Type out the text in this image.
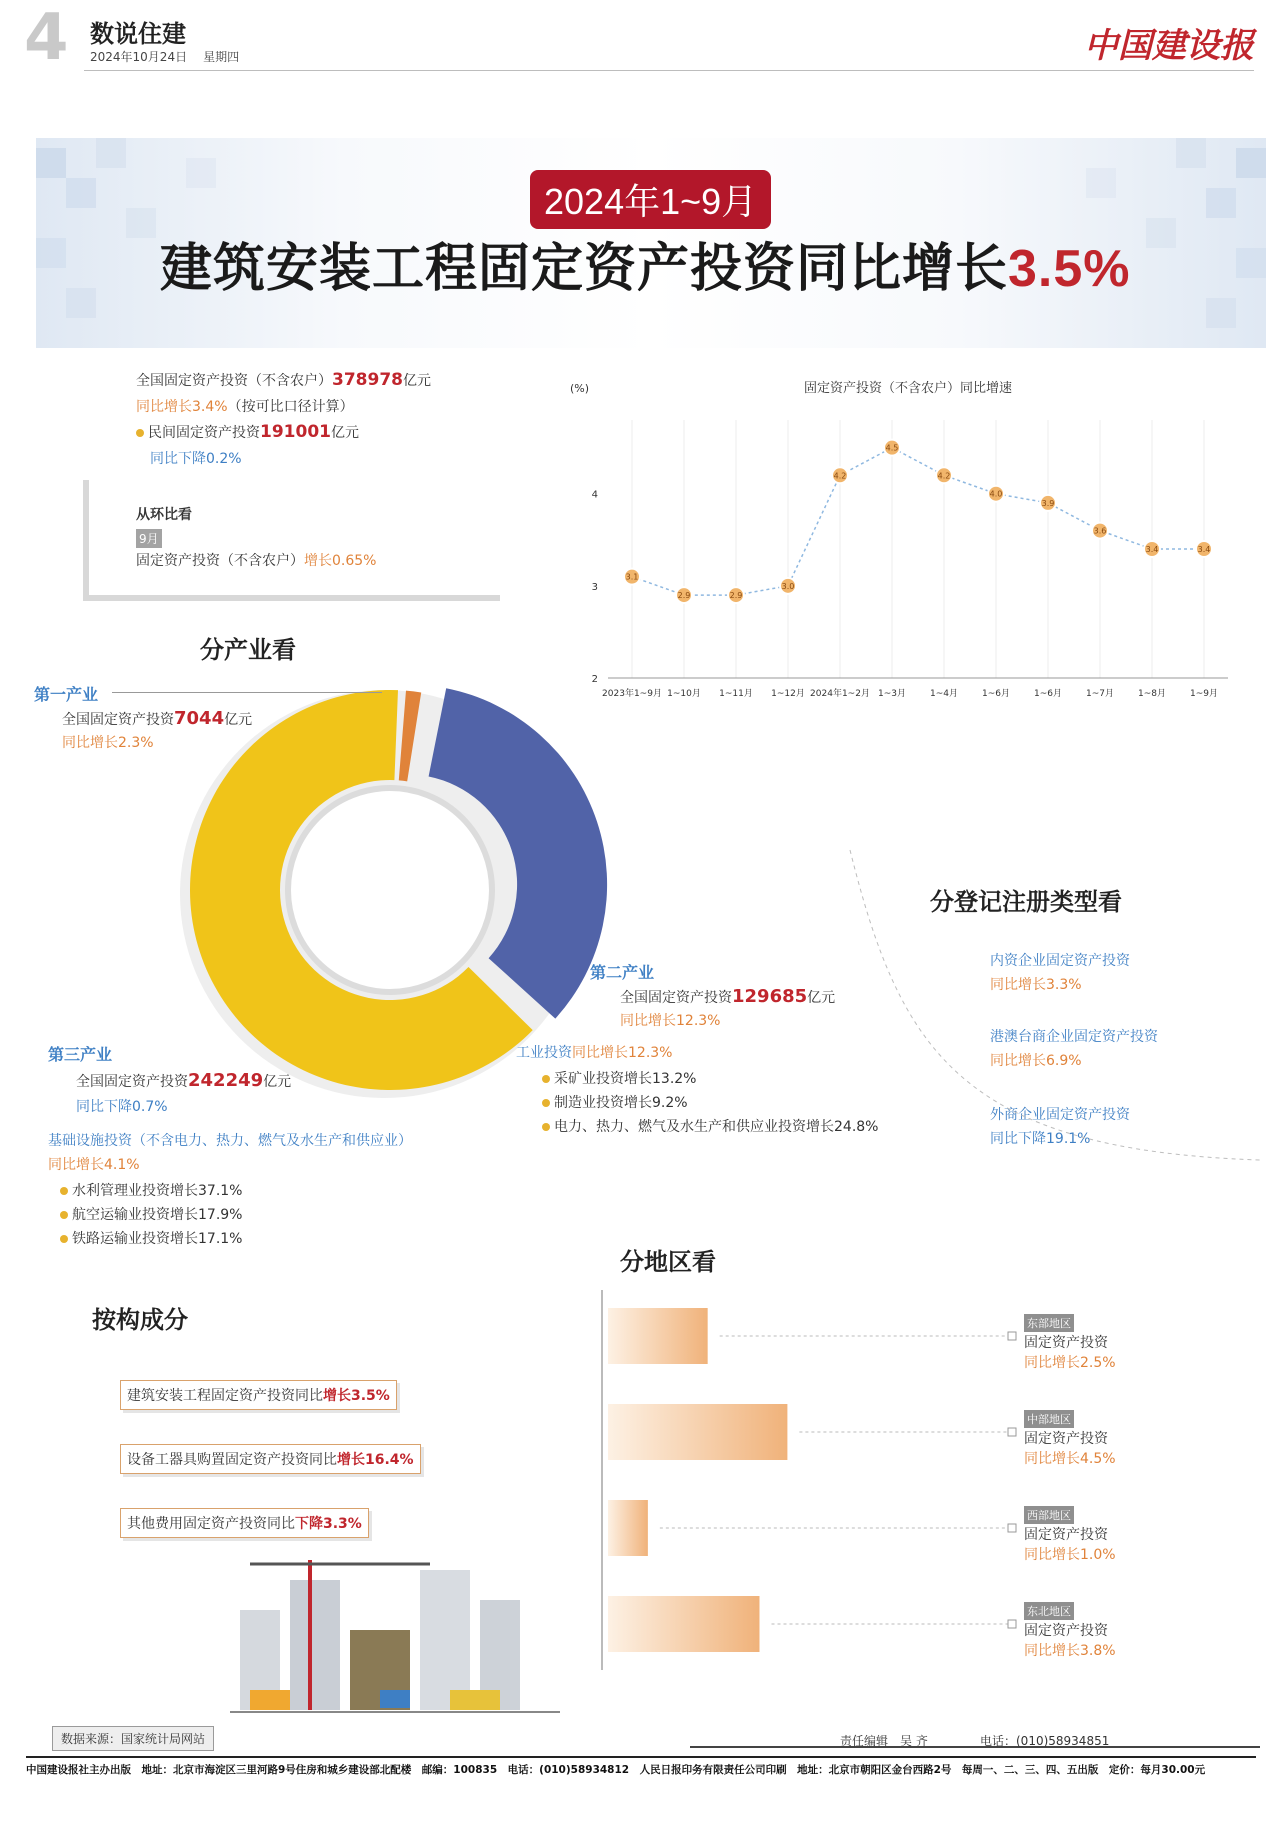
4 数说住建
2024年10月24日 星期四	中国建设报
2024年1~9月
建筑安装工程固定资产投资同比增长3.5%
全国固定资产投资（不含农户）378978亿元
同比增长3.4%（按可比口径计算）
民间固定资产投资191001亿元
同比下降0.2%
从环比看
9月
固定资产投资（不含农户）增长0.65%
固定资产投资（不含农户）同比增速
(%)
2
3
4
3.1
2023年1~9月
2.9
1~10月
2.9
1~11月
3.0
1~12月
4.2
2024年1~2月
4.5
1~3月
4.2
1~4月
4.0
1~6月
3.9
1~6月
3.6
1~7月
3.4
1~8月
3.4
1~9月
分产业看
第一产业
全国固定资产投资7044亿元
同比增长2.3%
第二产业
全国固定资产投资129685亿元
同比增长12.3%
工业投资同比增长12.3%
采矿业投资增长13.2%
制造业投资增长9.2%
电力、热力、燃气及水生产和供应业投资增长24.8%
第三产业
全国固定资产投资242249亿元
同比下降0.7%
基础设施投资（不含电力、热力、燃气及水生产和供应业）
同比增长4.1%
水利管理业投资增长37.1%
航空运输业投资增长17.9%
铁路运输业投资增长17.1%
分登记注册类型看
内资企业固定资产投资
同比增长3.3%
港澳台商企业固定资产投资
同比增长6.9%
外商企业固定资产投资
同比下降19.1%
按构成分
建筑安装工程固定资产投资同比增长3.5%
设备工器具购置固定资产投资同比增长16.4%
其他费用固定资产投资同比下降3.3%
分地区看
东部地区
固定资产投资
同比增长2.5%
中部地区
固定资产投资
同比增长4.5%
西部地区
固定资产投资
同比增长1.0%
东北地区
固定资产投资
同比增长3.8%
数据来源：国家统计局网站	责任编辑　吴 齐	电话：(010)58934851
中国建设报社主办出版　地址：北京市海淀区三里河路9号住房和城乡建设部北配楼　邮编：100835　电话：(010)58934812　人民日报印务有限责任公司印刷　地址：北京市朝阳区金台西路2号　每周一、二、三、四、五出版　定价：每月30.00元
